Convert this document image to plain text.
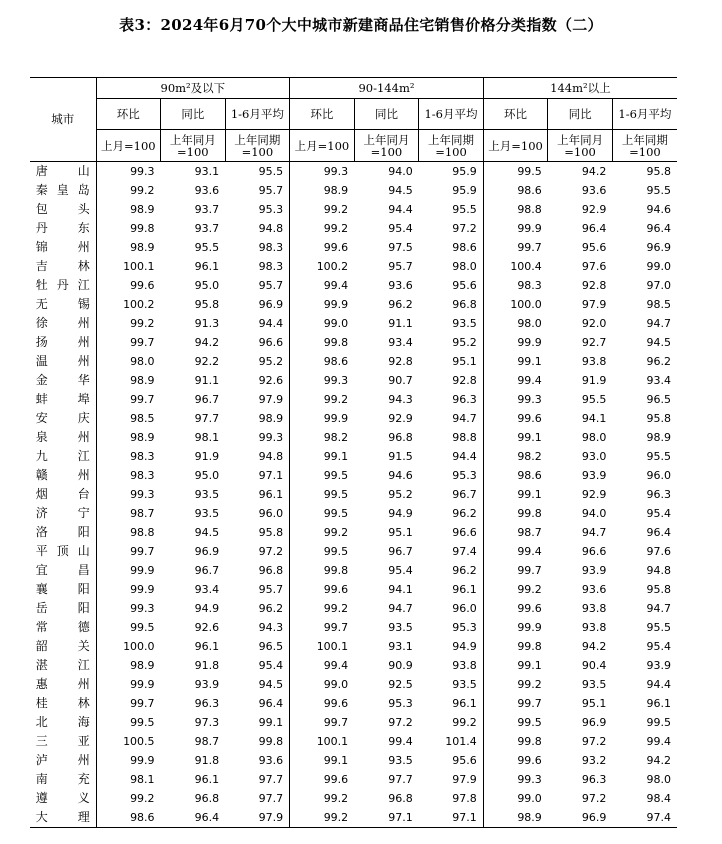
表3：2024年6月70个大中城市新建商品住宅销售价格分类指数（二）
城市	90m²及以下			90-144m²			144m²以上		
	环比	同比	1-6月平均	环比	同比	1-6月平均	环比	同比	1-6月平均
	上月=100	上年同月=100	上年同期=100	上月=100	上年同月=100	上年同期=100	上月=100	上年同月=100	上年同期=100

唐 山	99.3	93.1	95.5	99.3	94.0	95.9	99.5	94.2	95.8

秦 皇 岛	99.2	93.6	95.7	98.9	94.5	95.9	98.6	93.6	95.5

包 头	98.9	93.7	95.3	99.2	94.4	95.5	98.8	92.9	94.6

丹 东	99.8	93.7	94.8	99.2	95.4	97.2	99.9	96.4	96.4

锦 州	98.9	95.5	98.3	99.6	97.5	98.6	99.7	95.6	96.9

吉 林	100.1	96.1	98.3	100.2	95.7	98.0	100.4	97.6	99.0

牡 丹 江	99.6	95.0	95.7	99.4	93.6	95.6	98.3	92.8	97.0

无 锡	100.2	95.8	96.9	99.9	96.2	96.8	100.0	97.9	98.5

徐 州	99.2	91.3	94.4	99.0	91.1	93.5	98.0	92.0	94.7

扬 州	99.7	94.2	96.6	99.8	93.4	95.2	99.9	92.7	94.5

温 州	98.0	92.2	95.2	98.6	92.8	95.1	99.1	93.8	96.2

金 华	98.9	91.1	92.6	99.3	90.7	92.8	99.4	91.9	93.4

蚌 埠	99.7	96.7	97.9	99.2	94.3	96.3	99.3	95.5	96.5

安 庆	98.5	97.7	98.9	99.9	92.9	94.7	99.6	94.1	95.8

泉 州	98.9	98.1	99.3	98.2	96.8	98.8	99.1	98.0	98.9

九 江	98.3	91.9	94.8	99.1	91.5	94.4	98.2	93.0	95.5

赣 州	98.3	95.0	97.1	99.5	94.6	95.3	98.6	93.9	96.0

烟 台	99.3	93.5	96.1	99.5	95.2	96.7	99.1	92.9	96.3

济 宁	98.7	93.5	96.0	99.5	94.9	96.2	99.8	94.0	95.4

洛 阳	98.8	94.5	95.8	99.2	95.1	96.6	98.7	94.7	96.4

平 顶 山	99.7	96.9	97.2	99.5	96.7	97.4	99.4	96.6	97.6

宜 昌	99.9	96.7	96.8	99.8	95.4	96.2	99.7	93.9	94.8

襄 阳	99.9	93.4	95.7	99.6	94.1	96.1	99.2	93.6	95.8

岳 阳	99.3	94.9	96.2	99.2	94.7	96.0	99.6	93.8	94.7

常 德	99.5	92.6	94.3	99.7	93.5	95.3	99.9	93.8	95.5

韶 关	100.0	96.1	96.5	100.1	93.1	94.9	99.8	94.2	95.4

湛 江	98.9	91.8	95.4	99.4	90.9	93.8	99.1	90.4	93.9

惠 州	99.9	93.9	94.5	99.0	92.5	93.5	99.2	93.5	94.4

桂 林	99.7	96.3	96.4	99.6	95.3	96.1	99.7	95.1	96.1

北 海	99.5	97.3	99.1	99.7	97.2	99.2	99.5	96.9	99.5

三 亚	100.5	98.7	99.8	100.1	99.4	101.4	99.8	97.2	99.4

泸 州	99.9	91.8	93.6	99.1	93.5	95.6	99.6	93.2	94.2

南 充	98.1	96.1	97.7	99.6	97.7	97.9	99.3	96.3	98.0

遵 义	99.2	96.8	97.7	99.2	96.8	97.8	99.0	97.2	98.4

大 理	98.6	96.4	97.9	99.2	97.1	97.1	98.9	96.9	97.4
